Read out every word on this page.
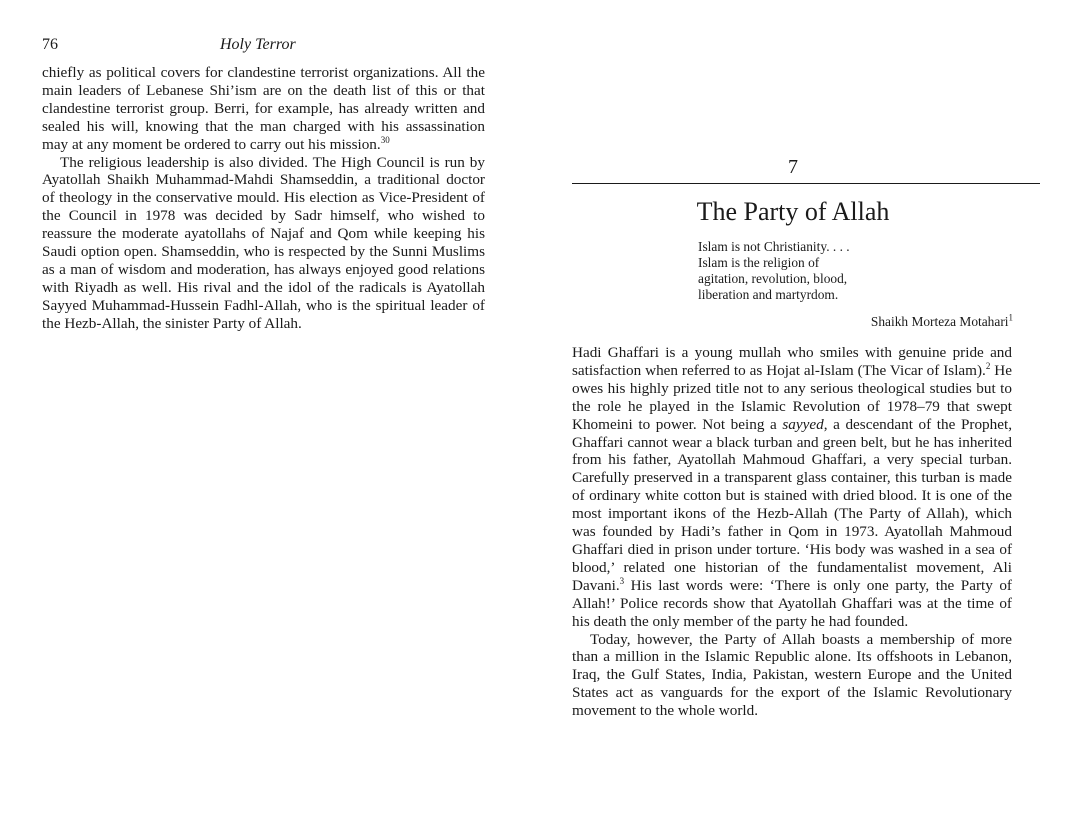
76	Holy Terror

chiefly as political covers for clandestine terrorist organizations. All the main leaders of Lebanese Shi’ism are on the death list of this or that clandestine terrorist group. Berri, for example, has already written and sealed his will, knowing that the man charged with his assassination may at any moment be ordered to carry out his mission.$^{30}$

The religious leadership is also divided. The High Council is run by Ayatollah Shaikh Muhammad-Mahdi Shamseddin, a traditional doctor of theology in the conservative mould. His election as Vice-President of the Council in 1978 was decided by Sadr himself, who wished to reassure the moderate ayatollahs of Najaf and Qom while keeping his Saudi option open. Shamseddin, who is respected by the Sunni Muslims as a man of wisdom and moderation, has always enjoyed good relations with Riyadh as well. His rival and the idol of the radicals is Ayatollah Sayyed Muhammad-Hussein Fadhl-Allah, who is the spiritual leader of the Hezb-Allah, the sinister Party of Allah.

7
The Party of Allah

Islam is not Christianity. . . .
Islam is the religion of
agitation, revolution, blood,
liberation and martyrdom.

Shaikh Morteza Motahari$^1$

Hadi Ghaffari is a young mullah who smiles with genuine pride and satisfaction when referred to as Hojat al-Islam (The Vicar of Islam).$^2$ He owes his highly prized title not to any serious theological studies but to the role he played in the Islamic Revolution of 1978–79 that swept Khomeini to power. Not being a sayyed, a descendant of the Prophet, Ghaffari cannot wear a black turban and green belt, but he has inherited from his father, Ayatollah Mahmoud Ghaffari, a very special turban. Carefully preserved in a transparent glass container, this turban is made of ordinary white cotton but is stained with dried blood. It is one of the most important ikons of the Hezb-Allah (The Party of Allah), which was founded by Hadi’s father in Qom in 1973. Ayatollah Mahmoud Ghaffari died in prison under torture. ‘His body was washed in a sea of blood,’ related one historian of the fundamentalist movement, Ali Davani.$^3$ His last words were: ‘There is only one party, the Party of Allah!’ Police records show that Ayatollah Ghaffari was at the time of his death the only member of the party he had founded.

Today, however, the Party of Allah boasts a membership of more than a million in the Islamic Republic alone. Its offshoots in Lebanon, Iraq, the Gulf States, India, Pakistan, western Europe and the United States act as vanguards for the export of the Islamic Revolutionary movement to the whole world.
